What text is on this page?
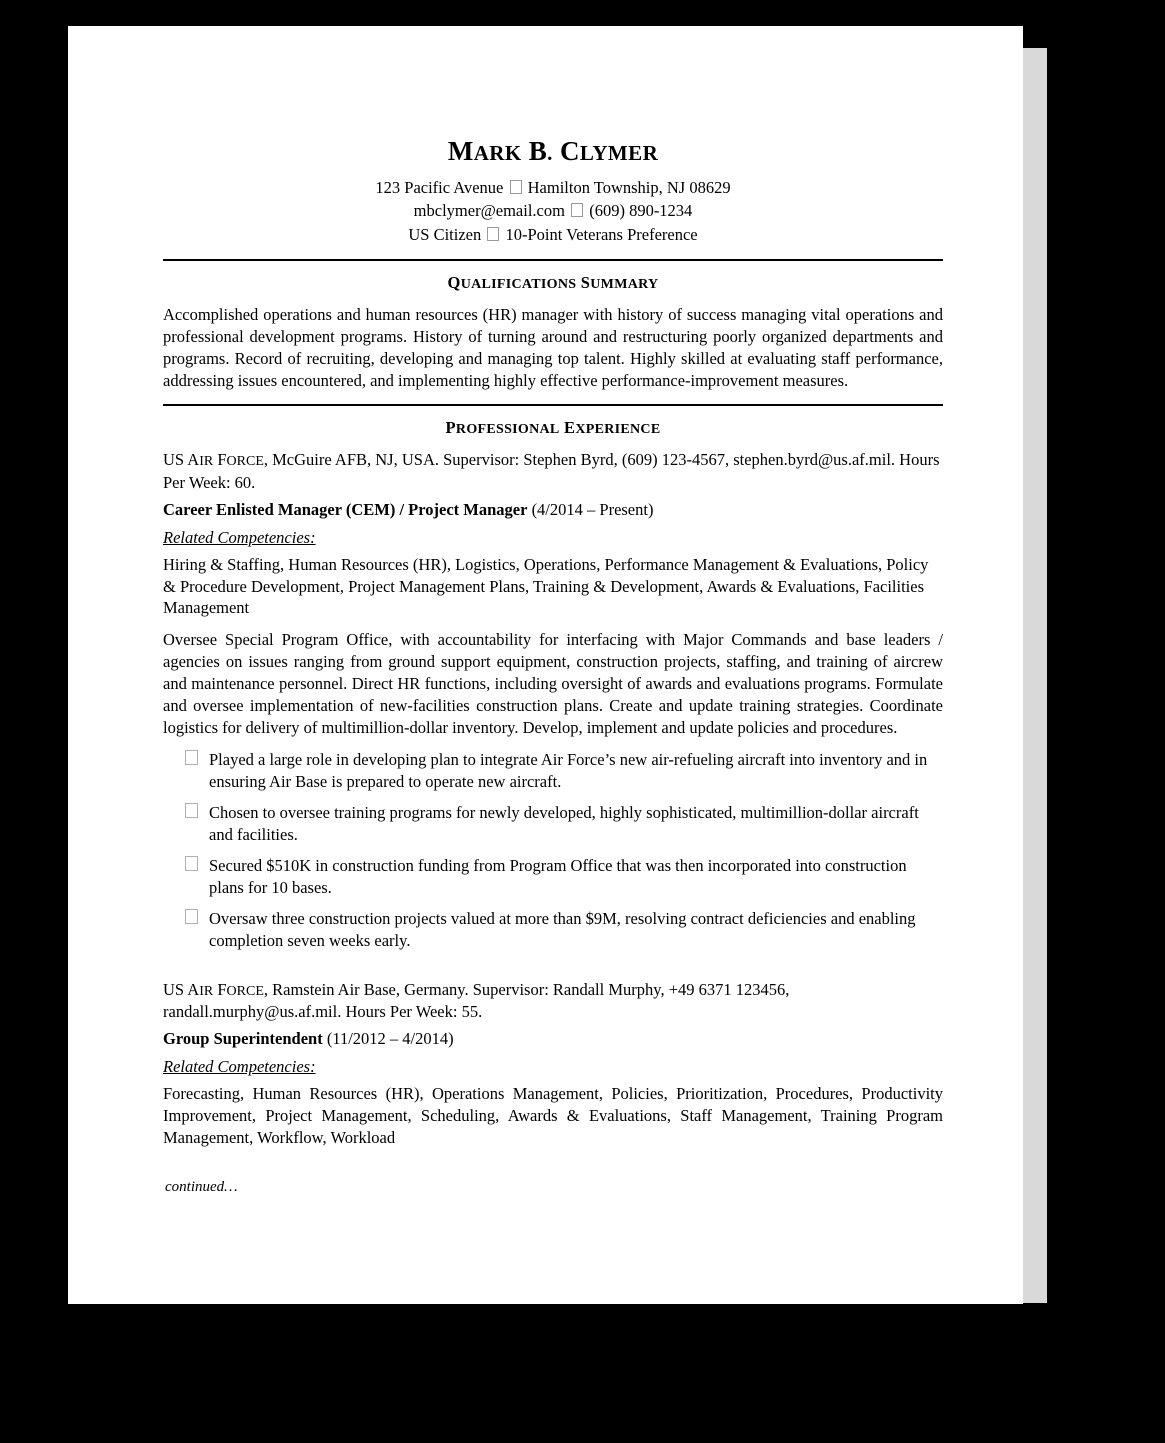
MARK B. CLYMER
123 Pacific Avenue Hamilton Township, NJ 08629
mbclymer@email.com (609) 890-1234
US Citizen 10-Point Veterans Preference
QUALIFICATIONS SUMMARY

Accomplished operations and human resources (HR) manager with history of success managing vital operations and professional development programs. History of turning around and restructuring poorly organized departments and programs. Record of recruiting, developing and managing top talent. Highly skilled at evaluating staff performance, addressing issues encountered, and implementing highly effective performance-improvement measures.

PROFESSIONAL EXPERIENCE
US AIR FORCE, McGuire AFB, NJ, USA. Supervisor: Stephen Byrd, (609) 123-4567, stephen.byrd@us.af.mil. Hours Per Week: 60.
Career Enlisted Manager (CEM) / Project Manager (4/2014 – Present)
Related Competencies:

Hiring & Staffing, Human Resources (HR), Logistics, Operations, Performance Management & Evaluations, Policy & Procedure Development, Project Management Plans, Training & Development, Awards & Evaluations, Facilities Management

Oversee Special Program Office, with accountability for interfacing with Major Commands and base leaders / agencies on issues ranging from ground support equipment, construction projects, staffing, and training of aircrew and maintenance personnel. Direct HR functions, including oversight of awards and evaluations programs. Formulate and oversee implementation of new-facilities construction plans. Create and update training strategies. Coordinate logistics for delivery of multimillion-dollar inventory. Develop, implement and update policies and procedures.

Played a large role in developing plan to integrate Air Force’s new air-refueling aircraft into inventory and in ensuring Air Base is prepared to operate new aircraft.
Chosen to oversee training programs for newly developed, highly sophisticated, multimillion-dollar aircraft and facilities.
Secured $510K in construction funding from Program Office that was then incorporated into construction plans for 10 bases.
Oversaw three construction projects valued at more than $9M, resolving contract deficiencies and enabling completion seven weeks early.
US AIR FORCE, Ramstein Air Base, Germany. Supervisor: Randall Murphy, +49 6371 123456, randall.murphy@us.af.mil. Hours Per Week: 55.
Group Superintendent (11/2012 – 4/2014)
Related Competencies:

Forecasting, Human Resources (HR), Operations Management, Policies, Prioritization, Procedures, Productivity Improvement, Project Management, Scheduling, Awards & Evaluations, Staff Management, Training Program Management, Workflow, Workload

continued…
